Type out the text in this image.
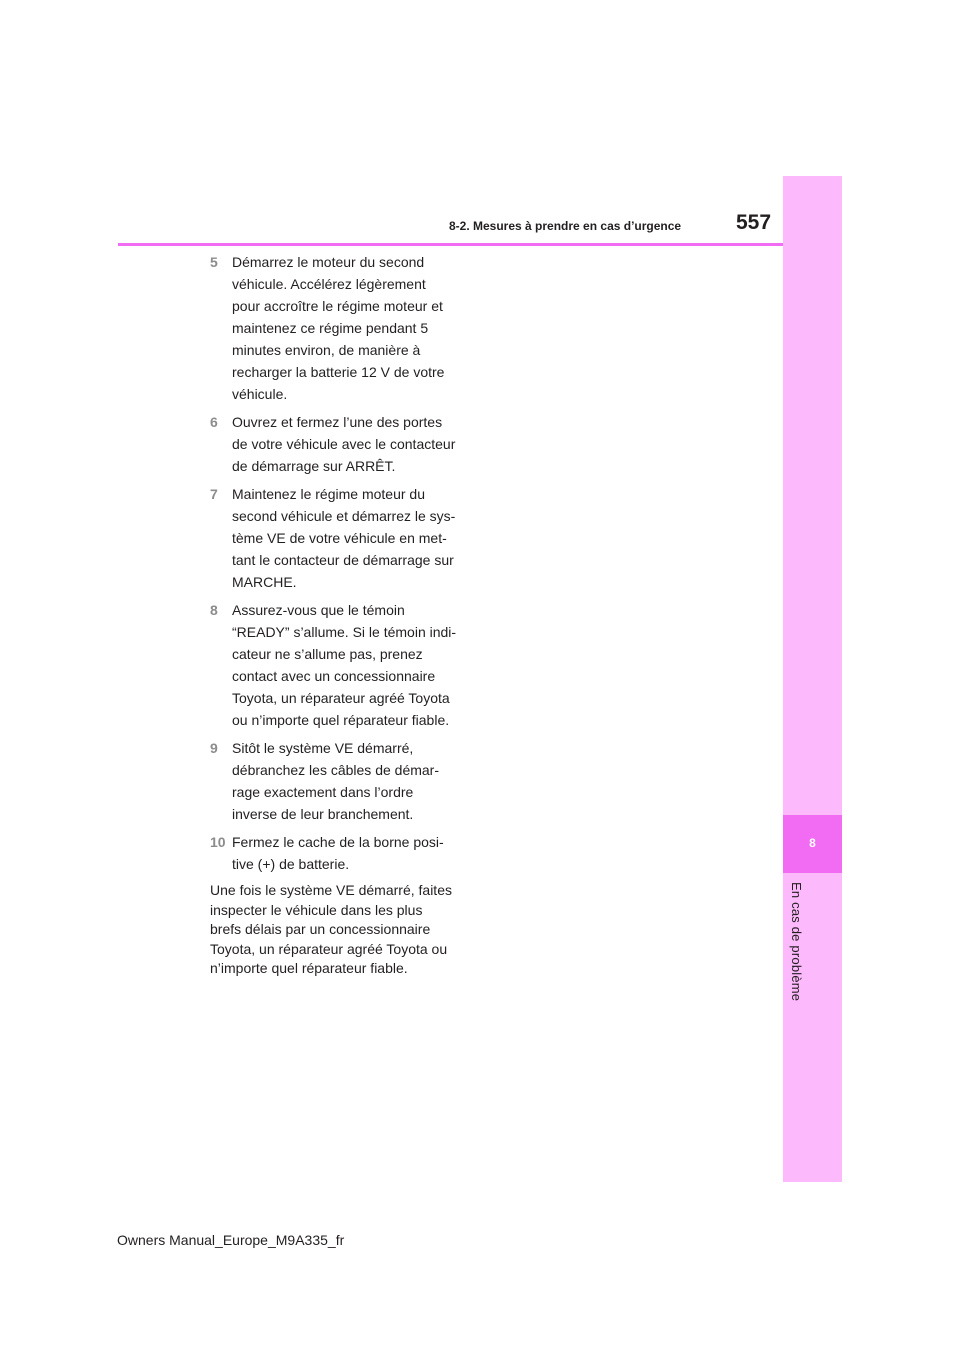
8
En cas de problème
8-2. Mesures à prendre en cas d’urgence	557
5 Démarrez le moteur du second
véhicule. Accélérez légèrement
pour accroître le régime moteur et
maintenez ce régime pendant 5
minutes environ, de manière à
recharger la batterie 12 V de votre
véhicule.

6 Ouvrez et fermez l’une des portes
de votre véhicule avec le contacteur
de démarrage sur ARRÊT.

7 Maintenez le régime moteur du
second véhicule et démarrez le sys-
tème VE de votre véhicule en met-
tant le contacteur de démarrage sur
MARCHE.

8 Assurez-vous que le témoin
“READY” s’allume. Si le témoin indi-
cateur ne s’allume pas, prenez
contact avec un concessionnaire
Toyota, un réparateur agréé Toyota
ou n’importe quel réparateur fiable.

9 Sitôt le système VE démarré,
débranchez les câbles de démar-
rage exactement dans l’ordre
inverse de leur branchement.

10 Fermez le cache de la borne posi-
tive (+) de batterie.

Une fois le système VE démarré, faites
inspecter le véhicule dans les plus
brefs délais par un concessionnaire
Toyota, un réparateur agréé Toyota ou
n’importe quel réparateur fiable.

Owners Manual_Europe_M9A335_fr
